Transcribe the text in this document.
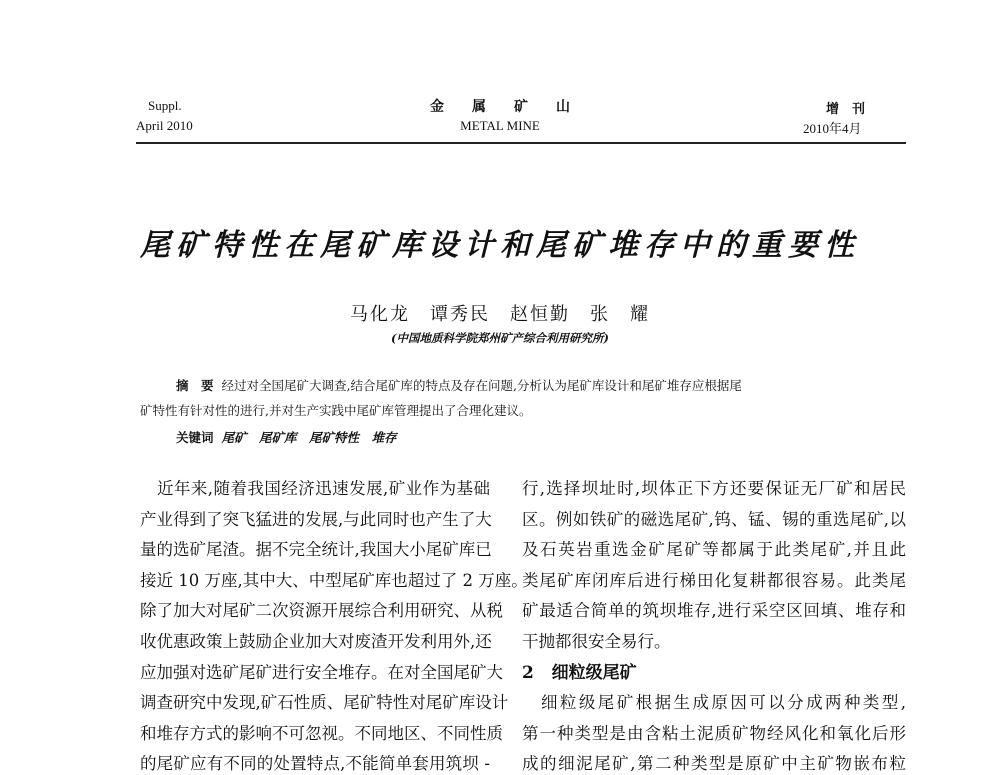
Suppl.
April 2010
金　　属　　矿　　山
METAL MINE
增　刊
2010年4月
尾矿特性在尾矿库设计和尾矿堆存中的重要性
马化龙　谭秀民　赵恒勤　张　耀
(中国地质科学院郑州矿产综合利用研究所)
摘　要 经过对全国尾矿大调查,结合尾矿库的特点及存在问题,分析认为尾矿库设计和尾矿堆存应根据尾
矿特性有针对性的进行,并对生产实践中尾矿库管理提出了合理化建议。
关键词 尾矿　尾矿库　尾矿特性　堆存
　近年来,随着我国经济迅速发展,矿业作为基础
产业得到了突飞猛进的发展,与此同时也产生了大
量的选矿尾渣。据不完全统计,我国大小尾矿库已
接近 10 万座,其中大、中型尾矿库也超过了 2 万座。
除了加大对尾矿二次资源开展综合利用研究、从税
收优惠政策上鼓励企业加大对废渣开发利用外,还
应加强对选矿尾矿进行安全堆存。在对全国尾矿大
调查研究中发现,矿石性质、尾矿特性对尾矿库设计
和堆存方式的影响不可忽视。不同地区、不同性质
的尾矿应有不同的处置特点,不能简单套用筑坝 -
行,选择坝址时,坝体正下方还要保证无厂矿和居民
区。例如铁矿的磁选尾矿,钨、锰、锡的重选尾矿,以
及石英岩重选金矿尾矿等都属于此类尾矿,并且此
类尾矿库闭库后进行梯田化复耕都很容易。此类尾
矿最适合简单的筑坝堆存,进行采空区回填、堆存和
干抛都很安全易行。
2 细粒级尾矿
　细粒级尾矿根据生成原因可以分成两种类型,
第一种类型是由含粘土泥质矿物经风化和氧化后形
成的细泥尾矿,第二种类型是原矿中主矿物嵌布粒
